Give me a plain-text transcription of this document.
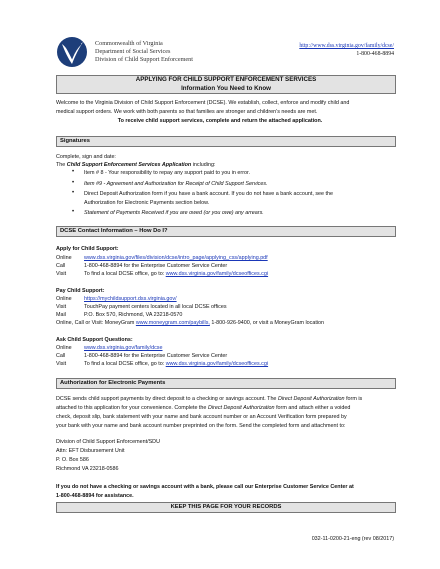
Commonwealth of Virginia
Department of Social Services
Division of Child Support Enforcement
http://www.dss.virginia.gov/family/dcse/
1-800-468-8894
APPLYING FOR CHILD SUPPORT ENFORCEMENT SERVICES
Information You Need to Know
Welcome to the Virginia Division of Child Support Enforcement (DCSE). We establish, collect, enforce and modify child and
medical support orders. We work with both parents so that families are stronger and children’s needs are met.
To receive child support services, complete and return the attached application.
Signatures
Complete, sign and date:
The Child Support Enforcement Services Application including:
• Item # 8 - Your responsibility to repay any support paid to you in error.
• Item #9 - Agreement and Authorization for Receipt of Child Support Services.
• Direct Deposit Authorization form if you have a bank account. If you do not have a bank account, see the
Authorization for Electronic Payments section below.
• Statement of Payments Received if you are owed (or you owe) any arrears.
DCSE Contact Information – How Do I?
Apply for Child Support:
Online www.dss.virginia.gov/files/division/dcse/intro_page/applying_css/applying.pdf
Call	1-800-468-8894 for the Enterprise Customer Service Center
Visit	To find a local DCSE office, go to: www.dss.virginia.gov/family/dcseoffices.cgi
Pay Child Support:
Online https://mychildsupport.dss.virginia.gov/
Visit	TouchPay payment centers located in all local DCSE offices
Mail	P.O. Box 570, Richmond, VA 23218-0570
Online, Call or Visit: MoneyGram www.moneygram.com/paybills, 1-800-926-9400, or visit a MoneyGram location
Ask Child Support Questions:
Online www.dss.virginia.gov/family/dcse
Call	1-800-468-8894 for the Enterprise Customer Service Center
Visit	To find a local DCSE office, go to: www.dss.virginia.gov/family/dcseoffices.cgi
Authorization for Electronic Payments
DCSE sends child support payments by direct deposit to a checking or savings account. The Direct Deposit Authorization form is
attached to this application for your convenience. Complete the Direct Deposit Authorization form and attach either a voided
check, deposit slip, bank statement with your name and bank account number or an Account Verification form prepared by
your bank with your name and bank account number preprinted on the form. Send the completed form and attachment to:
Division of Child Support Enforcement/SDU
Attn: EFT Disbursement Unit
P. O. Box 586
Richmond VA 23218-0586
If you do not have a checking or savings account with a bank, please call our Enterprise Customer Service Center at
1-800-468-8894 for assistance.
KEEP THIS PAGE FOR YOUR RECORDS
032-11-0200-21-eng (rev 08/2017)
